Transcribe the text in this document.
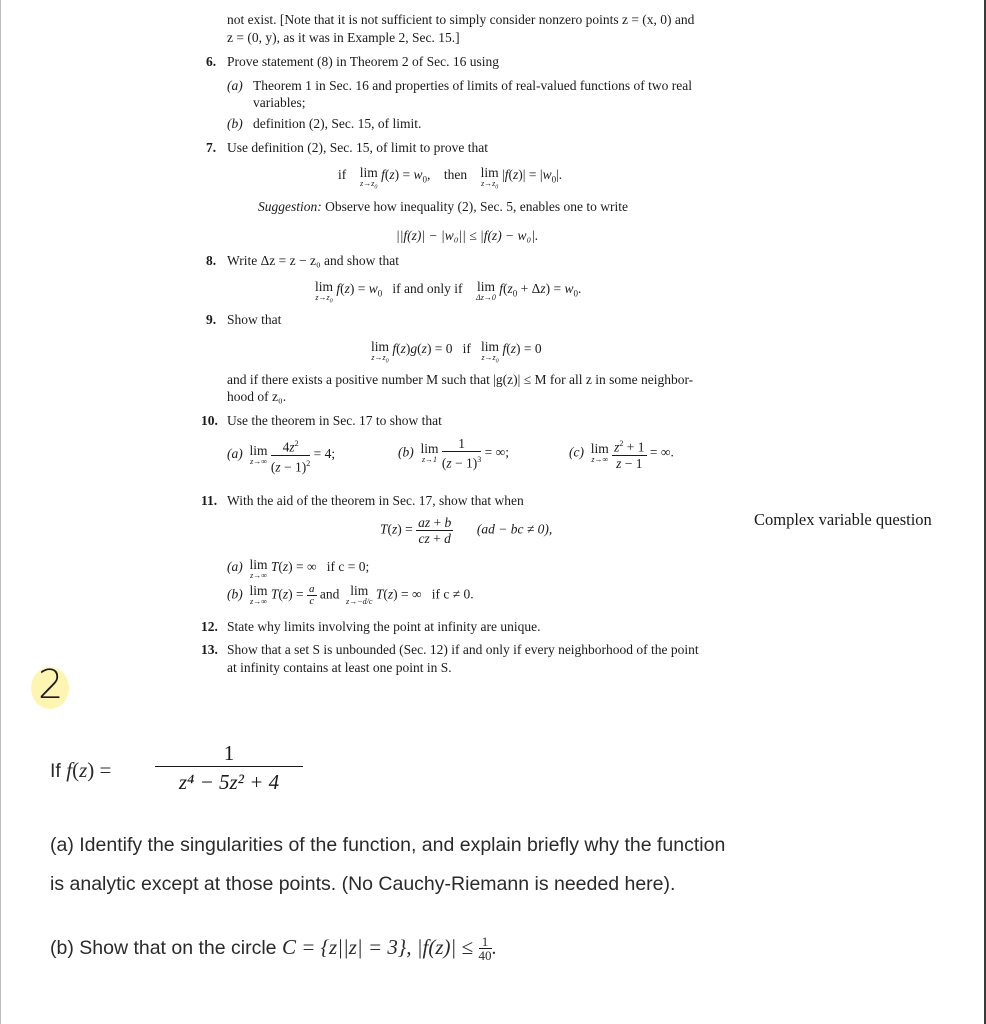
not exist. [Note that it is not sufficient to simply consider nonzero points z = (x, 0) and
z = (0, y), as it was in Example 2, Sec. 15.]
6. Prove statement (8) in Theorem 2 of Sec. 16 using
(a) Theorem 1 in Sec. 16 and properties of limits of real-valued functions of two real
variables;
(b) definition (2), Sec. 15, of limit.
7. Use definition (2), Sec. 15, of limit to prove that
if lim
$z\to z_0$
$f(z) = w_0$,    then lim
$z\to z_0$
$|f(z)| = |w_0|$.
Suggestion: Observe how inequality (2), Sec. 5, enables one to write
||f(z)| − |w₀|| ≤ |f(z) − w₀|.
8. Write Δz = z − z₀ and show that
lim
$z\to z_0$
$f(z) = w_0$ if and only if lim
Δz→0
$f(z_0 + \Delta z) = w_0$.
9. Show that
lim
$z\to z_0$
f(z)g(z) = 0   if lim
$z\to z_0$
f(z) = 0
and if there exists a positive number M such that |g(z)| ≤ M for all z in some neighbor-
hood of z₀.
10. Use the theorem in Sec. 17 to show that
(a) lim
z→∞
$\frac{4z^2}{(z - 1)^2} = 4$;	(b) lim
z→1
$\frac{1}{(z - 1)^3}$ = ∞;	(c) lim
z→∞
$\frac{z^2 + 1}{z - 1}$ = ∞.
11. With the aid of the theorem in Sec. 17, show that when
$T(z) = \frac{az + b}{cz + d} (ad$ − bc ≠ 0),
(a) lim
z→∞
T(z) = ∞   if c = 0;
(b) lim
z→∞ $T(z) = \frac{a}{c}$ and lim
z→−d/c T(z) = ∞   if c ≠ 0.
12. State why limits involving the point at infinity are unique.
13. Show that a set S is unbounded (Sec. 12) if and only if every neighborhood of the point
at infinity contains at least one point in S.
Complex variable question
2
If $f(z) = \frac{1}{\text{z⁴ − 5z² + 4}}$
(a) Identify the singularities of the function, and explain briefly why the function
is analytic except at those points. (No Cauchy-Riemann is needed here).
(b) Show that on the circle C = {z||z| = 3}, $|f(z)| \le \frac{1}{40}$ .
